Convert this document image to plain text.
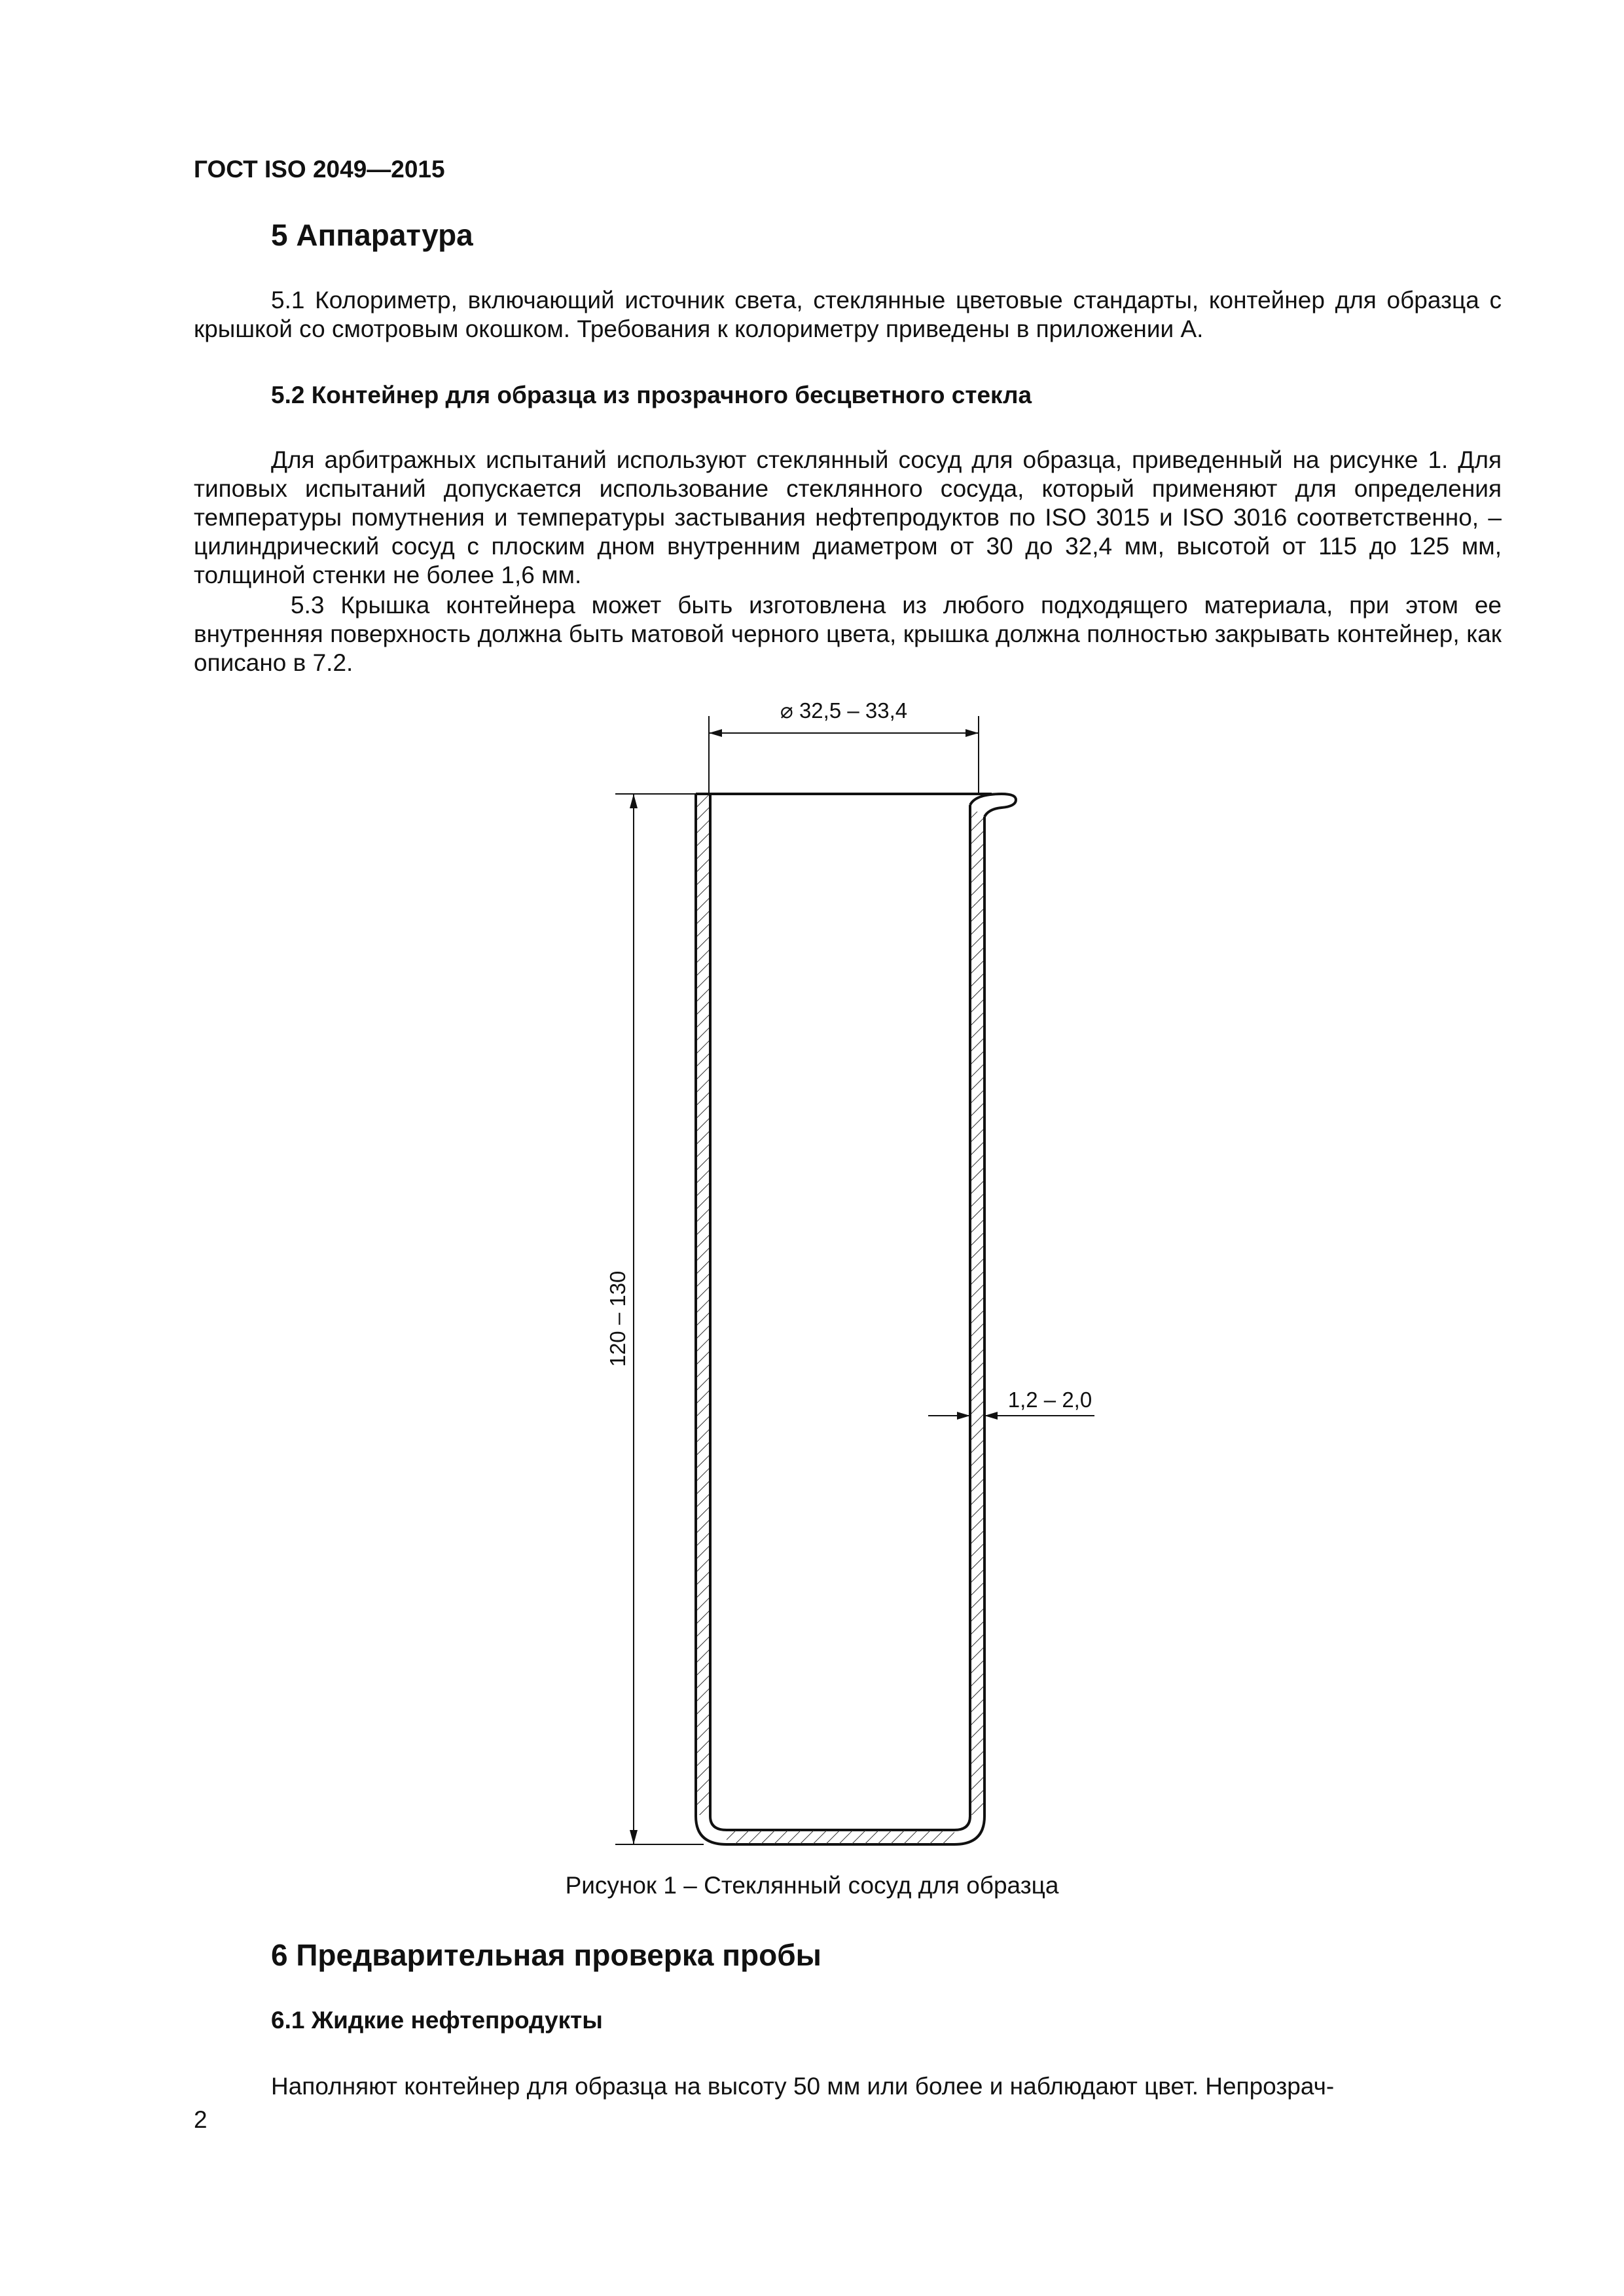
ГОСТ ISO 2049—2015
5 Аппаратура

5.1 Колориметр, включающий источник света, стеклянные цветовые стандарты, контейнер для образца с крышкой со смотровым окошком. Требования к колориметру приведены в приложении А.

5.2 Контейнер для образца из прозрачного бесцветного стекла

Для арбитражных испытаний используют стеклянный сосуд для образца, приведенный на рисунке 1. Для типовых испытаний допускается использование стеклянного сосуда, который применяют для определения температуры помутнения и температуры застывания нефтепродуктов по ISO 3015 и ISO 3016 соответственно, – цилиндрический сосуд с плоским дном внутренним диаметром от 30 до 32,4 мм, высотой от 115 до 125 мм, толщиной стенки не более 1,6 мм.

5.3 Крышка контейнера может быть изготовлена из любого подходящего материала, при этом ее внутренняя поверхность должна быть матовой черного цвета, крышка должна полностью закрывать контейнер, как описано в 7.2.

⌀ 32,5 – 33,4
120 – 130
1,2 – 2,0
Рисунок 1 – Стеклянный сосуд для образца
6 Предварительная проверка пробы
6.1 Жидкие нефтепродукты

Наполняют контейнер для образца на высоту 50 мм или более и наблюдают цвет. Непрозрач-

2
